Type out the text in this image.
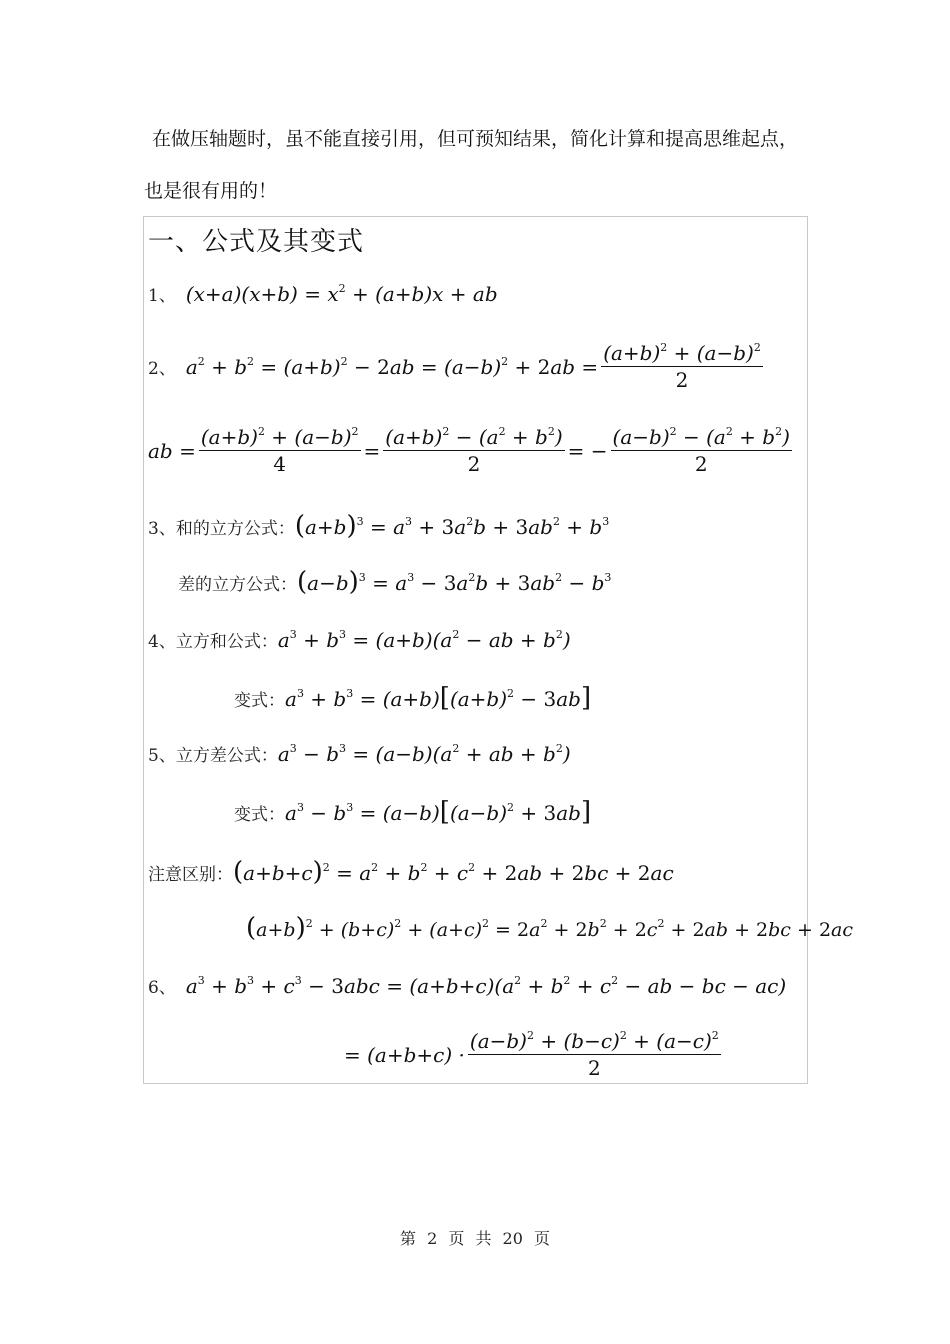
在做压轴题时，虽不能直接引用，但可预知结果，简化计算和提高思维起点，
也是很有用的！
一、公式及其变式
1、 $(x+a)(x+b) = x^2 + (a+b)x$ + ab
2、 $a^2 + b^2 = (a+b)^2 - 2ab = (a-b)^2 + 2ab = \frac{(a+b)^2 + (a-b)^2}{2}$
ab = $\frac{(a+b)^2 + (a-b)^2}{4} = \frac{(a+b)^2 - (a^2 + b^2)}{2}$ = − $\frac{(a-b)^2 - (a^2 + b^2)}{2}$
3、和的立方公式： $(a+b)^3 = a^3 + 3a^2b + 3ab^2 + b^3$
差的立方公式： $(a-b)^3 = a^3 - 3a^2b + 3ab^2 - b^3$
4、立方和公式： $a^3 + b^3 = (a+b)(a^2$ − ab + $b^2$)
变式： $a^3 + b^3 = (a+b)[(a+b)^2 - 3ab]$
5、立方差公式： $a^3 - b^3 = (a-b)(a^2$ + ab + $b^2$)
变式： $a^3 - b^3 = (a-b)[(a-b)^2 + 3ab]$
注意区别： $(a+b+c)^2 = a^2 + b^2 + c^2 + 2ab + 2bc + 2ac$
$(a+b)^2 + (b+c)^2 + (a+c)^2 = 2a^2 + 2b^2 + 2c^2 + 2ab + 2bc + 2ac$
6、 $a^3 + b^3 + c^3 - 3abc = (a+b+c)(a^2 + b^2 + c^2$ − ab − bc − ac)
= $(a+b+c) \cdot \frac{(a-b)^2 + (b-c)^2 + (a-c)^2}{2}$
第 2 页 共 20 页
